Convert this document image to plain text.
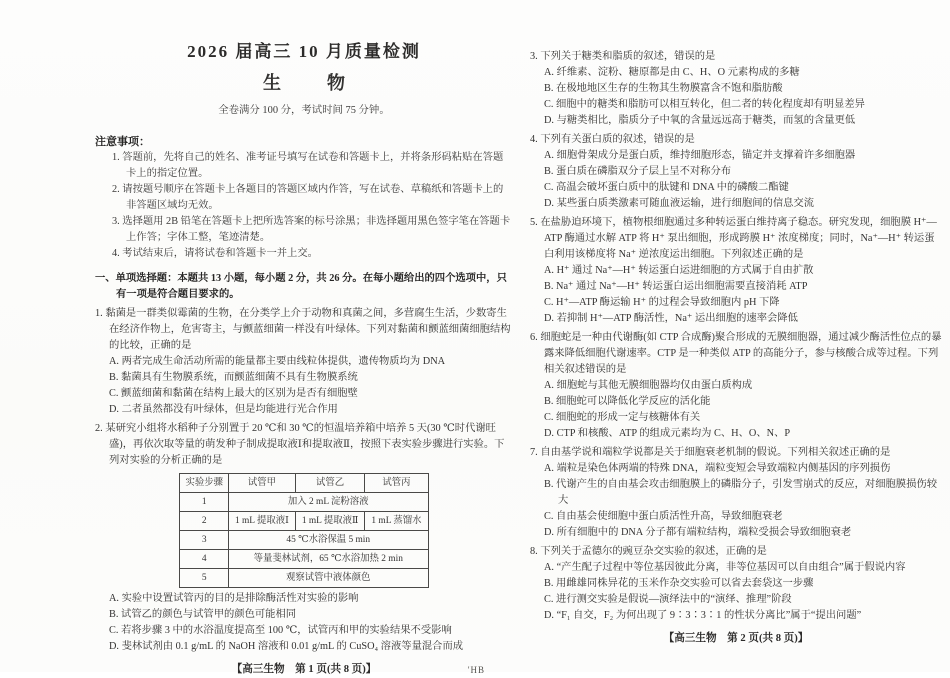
2026 届高三 10 月质量检测
生　物
全卷满分 100 分，考试时间 75 分钟。
注意事项：
1. 答题前，先将自己的姓名、准考证号填写在试卷和答题卡上，并将条形码粘贴在答题卡上的指定位置。
2. 请按题号顺序在答题卡上各题目的答题区域内作答，写在试卷、草稿纸和答题卡上的非答题区域均无效。
3. 选择题用 2B 铅笔在答题卡上把所选答案的标号涂黑；非选择题用黑色签字笔在答题卡上作答；字体工整，笔迹清楚。
4. 考试结束后，请将试卷和答题卡一并上交。
一、单项选择题：本题共 13 小题，每小题 2 分，共 26 分。在每小题给出的四个选项中，只有一项是符合题目要求的。
1. 黏菌是一群类似霉菌的生物，在分类学上介于动物和真菌之间，多营腐生生活，少数寄生在经济作物上，危害寄主，与颤蓝细菌一样没有叶绿体。下列对黏菌和颤蓝细菌细胞结构的比较，正确的是
A. 两者完成生命活动所需的能量都主要由线粒体提供，遗传物质均为 DNA
B. 黏菌具有生物膜系统，而颤蓝细菌不具有生物膜系统
C. 颤蓝细菌和黏菌在结构上最大的区别为是否有细胞壁
D. 二者虽然都没有叶绿体，但是均能进行光合作用
2. 某研究小组将水稻种子分别置于 20 ℃和 30 ℃的恒温培养箱中培养 5 天(30 ℃时代谢旺盛)，再依次取等量的萌发种子制成提取液Ⅰ和提取液Ⅱ，按照下表实验步骤进行实验。下列对实验的分析正确的是
实验步骤	试管甲	试管乙	试管丙
1	加入 2 mL 淀粉溶液		
2	1 mL 提取液Ⅰ	1 mL 提取液Ⅱ	1 mL 蒸馏水
3	45 ℃水浴保温 5 min		
4	等量斐林试剂，65 ℃水浴加热 2 min		
5	观察试管中液体颜色		
A. 实验中设置试管丙的目的是排除酶活性对实验的影响
B. 试管乙的颜色与试管甲的颜色可能相同
C. 若将步骤 3 中的水浴温度提高至 100 ℃，试管丙和甲的实验结果不受影响
D. 斐林试剂由 0.1 g/mL 的 NaOH 溶液和 0.01 g/mL 的 CuSO₄ 溶液等量混合而成
【高三生物　第 1 页(共 8 页)】	'HB
3. 下列关于糖类和脂质的叙述，错误的是
A. 纤维素、淀粉、糖原都是由 C、H、O 元素构成的多糖
B. 在极地地区生存的生物其生物膜富含不饱和脂肪酸
C. 细胞中的糖类和脂肪可以相互转化，但二者的转化程度却有明显差异
D. 与糖类相比，脂质分子中氧的含量远远高于糖类，而氢的含量更低
4. 下列有关蛋白质的叙述，错误的是
A. 细胞骨架成分是蛋白质，维持细胞形态，锚定并支撑着许多细胞器
B. 蛋白质在磷脂双分子层上呈不对称分布
C. 高温会破坏蛋白质中的肽键和 DNA 中的磷酸二酯键
D. 某些蛋白质类激素可随血液运输，进行细胞间的信息交流
5. 在盐胁迫环境下，植物根细胞通过多种转运蛋白维持离子稳态。研究发现，细胞膜 H⁺—ATP 酶通过水解 ATP 将 H⁺ 泵出细胞，形成跨膜 H⁺ 浓度梯度；同时，Na⁺—H⁺ 转运蛋白利用该梯度将 Na⁺ 逆浓度运出细胞。下列叙述正确的是
A. H⁺ 通过 Na⁺—H⁺ 转运蛋白运进细胞的方式属于自由扩散
B. Na⁺ 通过 Na⁺—H⁺ 转运蛋白运出细胞需要直接消耗 ATP
C. H⁺—ATP 酶运输 H⁺ 的过程会导致细胞内 pH 下降
D. 若抑制 H⁺—ATP 酶活性，Na⁺ 运出细胞的速率会降低
6. 细胞蛇是一种由代谢酶(如 CTP 合成酶)聚合形成的无膜细胞器，通过减少酶活性位点的暴露来降低细胞代谢速率。CTP 是一种类似 ATP 的高能分子，参与核酸合成等过程。下列相关叙述错误的是
A. 细胞蛇与其他无膜细胞器均仅由蛋白质构成
B. 细胞蛇可以降低化学反应的活化能
C. 细胞蛇的形成一定与核糖体有关
D. CTP 和核酸、ATP 的组成元素均为 C、H、O、N、P
7. 自由基学说和端粒学说都是关于细胞衰老机制的假说。下列相关叙述正确的是
A. 端粒是染色体两端的特殊 DNA，端粒变短会导致端粒内侧基因的序列损伤
B. 代谢产生的自由基会攻击细胞膜上的磷脂分子，引发雪崩式的反应，对细胞膜损伤较大
C. 自由基会使细胞中蛋白质活性升高，导致细胞衰老
D. 所有细胞中的 DNA 分子都有端粒结构，端粒受损会导致细胞衰老
8. 下列关于孟德尔的豌豆杂交实验的叙述，正确的是
A. “产生配子过程中等位基因彼此分离，非等位基因可以自由组合”属于假说内容
B. 用雌雄同株异花的玉米作杂交实验可以省去套袋这一步骤
C. 进行测交实验是假说—演绎法中的“演绎、推理”阶段
D. “F₁ 自交，F₂ 为何出现了 9∶3∶3∶1 的性状分离比”属于“提出问题”
【高三生物　第 2 页(共 8 页)】
